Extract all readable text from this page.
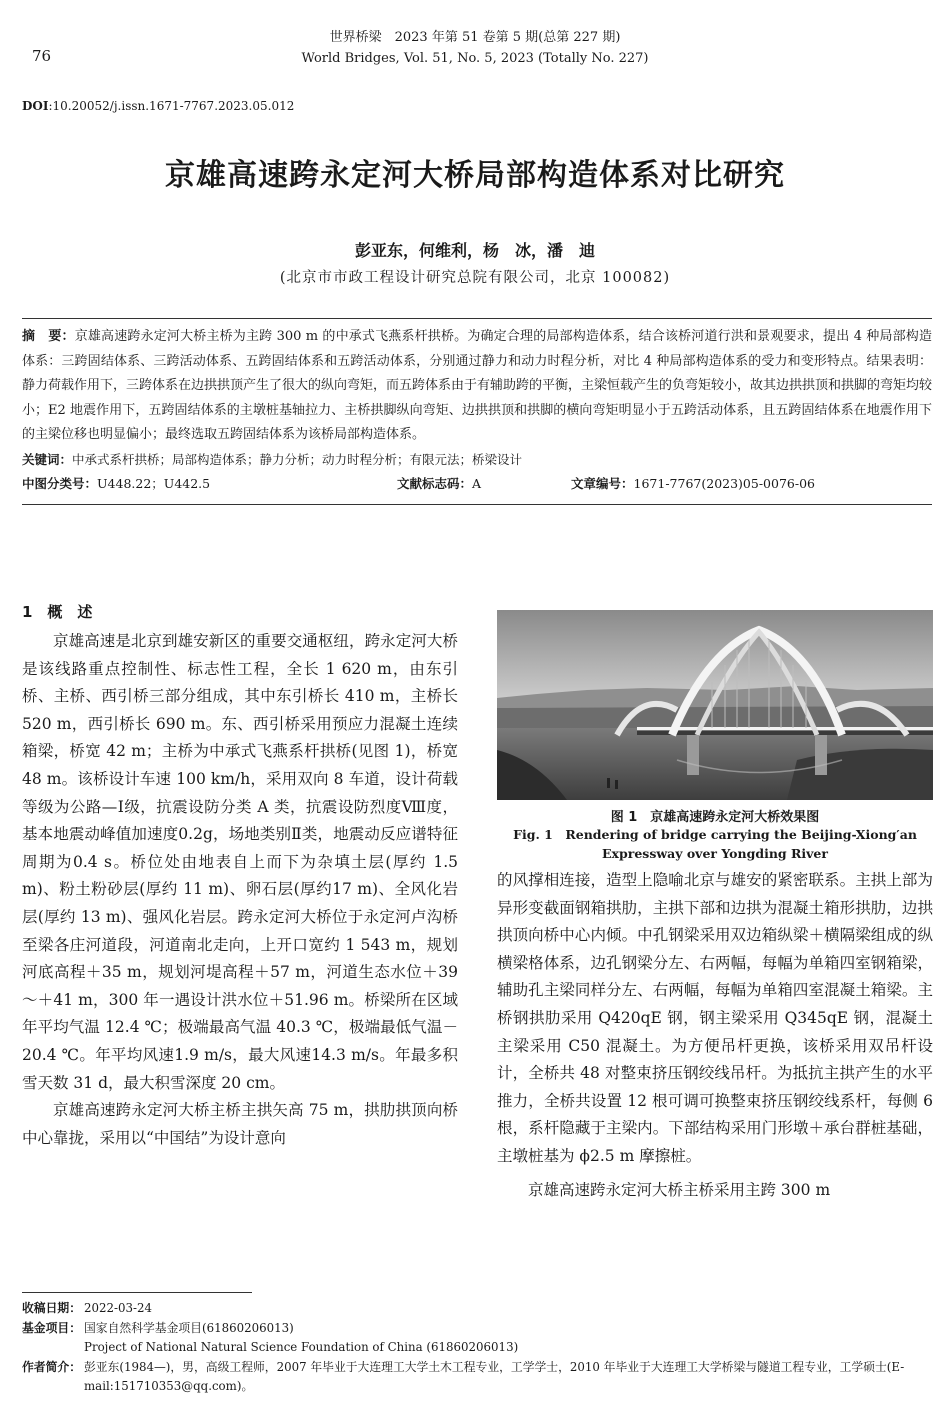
76
世界桥梁　2023 年第 51 卷第 5 期(总第 227 期)
World Bridges, Vol. 51, No. 5, 2023 (Totally No. 227)
DOI:10.20052/j.issn.1671-7767.2023.05.012
京雄高速跨永定河大桥局部构造体系对比研究
彭亚东，何维利，杨　冰，潘　迪
(北京市市政工程设计研究总院有限公司，北京 100082)
摘　要：京雄高速跨永定河大桥主桥为主跨 300 m 的中承式飞燕系杆拱桥。为确定合理的局部构造体系，结合该桥河道行洪和景观要求，提出 4 种局部构造体系：三跨固结体系、三跨活动体系、五跨固结体系和五跨活动体系，分别通过静力和动力时程分析，对比 4 种局部构造体系的受力和变形特点。结果表明：静力荷载作用下，三跨体系在边拱拱顶产生了很大的纵向弯矩，而五跨体系由于有辅助跨的平衡，主梁恒载产生的负弯矩较小，故其边拱拱顶和拱脚的弯矩均较小；E2 地震作用下，五跨固结体系的主墩桩基轴拉力、主桥拱脚纵向弯矩、边拱拱顶和拱脚的横向弯矩明显小于五跨活动体系，且五跨固结体系在地震作用下的主梁位移也明显偏小；最终选取五跨固结体系为该桥局部构造体系。
关键词：中承式系杆拱桥；局部构造体系；静力分析；动力时程分析；有限元法；桥梁设计
中图分类号：U448.22；U442.5	文献标志码：A	文章编号：1671-7767(2023)05-0076-06
1　概　述

京雄高速是北京到雄安新区的重要交通枢纽，跨永定河大桥是该线路重点控制性、标志性工程，全长 1 620 m，由东引桥、主桥、西引桥三部分组成，其中东引桥长 410 m，主桥长 520 m，西引桥长 690 m。东、西引桥采用预应力混凝土连续箱梁，桥宽 42 m；主桥为中承式飞燕系杆拱桥(见图 1)，桥宽 48 m。该桥设计车速 100 km/h，采用双向 8 车道，设计荷载等级为公路—Ⅰ级，抗震设防分类 A 类，抗震设防烈度Ⅷ度，基本地震动峰值加速度0.2g，场地类别Ⅱ类，地震动反应谱特征周期为0.4 s。桥位处由地表自上而下为杂填土层(厚约 1.5 m)、粉土粉砂层(厚约 11 m)、卵石层(厚约17 m)、全风化岩层(厚约 13 m)、强风化岩层。跨永定河大桥位于永定河卢沟桥至梁各庄河道段，河道南北走向，上开口宽约 1 543 m，规划河底高程＋35 m，规划河堤高程＋57 m，河道生态水位＋39～＋41 m，300 年一遇设计洪水位＋51.96 m。桥梁所在区域年平均气温 12.4 ℃；极端最高气温 40.3 ℃，极端最低气温－20.4 ℃。年平均风速1.9 m/s，最大风速14.3 m/s。年最多积雪天数 31 d，最大积雪深度 20 cm。

京雄高速跨永定河大桥主桥主拱矢高 75 m，拱肋拱顶向桥中心靠拢，采用以“中国结”为设计意向

图 1　京雄高速跨永定河大桥效果图
Fig. 1　Rendering of bridge carrying the Beijing-Xiong′an Expressway over Yongding River

的风撑相连接，造型上隐喻北京与雄安的紧密联系。主拱上部为异形变截面钢箱拱肋，主拱下部和边拱为混凝土箱形拱肋，边拱拱顶向桥中心内倾。中孔钢梁采用双边箱纵梁＋横隔梁组成的纵横梁格体系，边孔钢梁分左、右两幅，每幅为单箱四室钢箱梁，辅助孔主梁同样分左、右两幅，每幅为单箱四室混凝土箱梁。主桥钢拱肋采用 Q420qE 钢，钢主梁采用 Q345qE 钢，混凝土主梁采用 C50 混凝土。为方便吊杆更换，该桥采用双吊杆设计，全桥共 48 对整束挤压钢绞线吊杆。为抵抗主拱产生的水平推力，全桥共设置 12 根可调可换整束挤压钢绞线系杆，每侧 6 根，系杆隐藏于主梁内。下部结构采用门形墩＋承台群桩基础，主墩桩基为 ϕ2.5 m 摩擦桩。

京雄高速跨永定河大桥主桥采用主跨 300 m

收稿日期： 2022-03-24
基金项目： 国家自然科学基金项目(61860206013)
Project of National Natural Science Foundation of China (61860206013)
作者简介： 彭亚东(1984—)，男，高级工程师，2007 年毕业于大连理工大学土木工程专业，工学学士，2010 年毕业于大连理工大学桥梁与隧道工程专业，工学硕士(E-mail:151710353@qq.com)。
